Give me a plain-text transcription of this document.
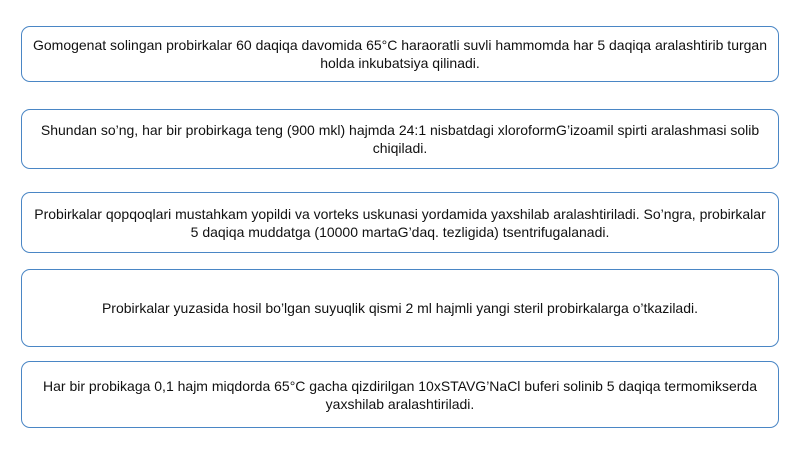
Gomogenat solingan probirkalar 60 daqiqa davomida 65°C haraoratli suvli hammomda har 5 daqiqa aralashtirib turgan holda inkubatsiya qilinadi.
Shundan so’ng, har bir probirkaga teng (900 mkl) hajmda 24:1 nisbatdagi xloroformG’izoamil spirti aralashmasi solib chiqiladi.
Probirkalar qopqoqlari mustahkam yopildi va vorteks uskunasi yordamida yaxshilab aralashtiriladi. So’ngra, probirkalar 5 daqiqa muddatga (10000 martaG’daq. tezligida) tsentrifugalanadi.
Probirkalar yuzasida hosil bo’lgan suyuqlik qismi 2 ml hajmli yangi steril probirkalarga o’tkaziladi.
Har bir probikaga 0,1 hajm miqdorda 65°C gacha qizdirilgan 10xSTAVG’NaCl buferi solinib 5 daqiqa termomikserda yaxshilab aralashtiriladi.
